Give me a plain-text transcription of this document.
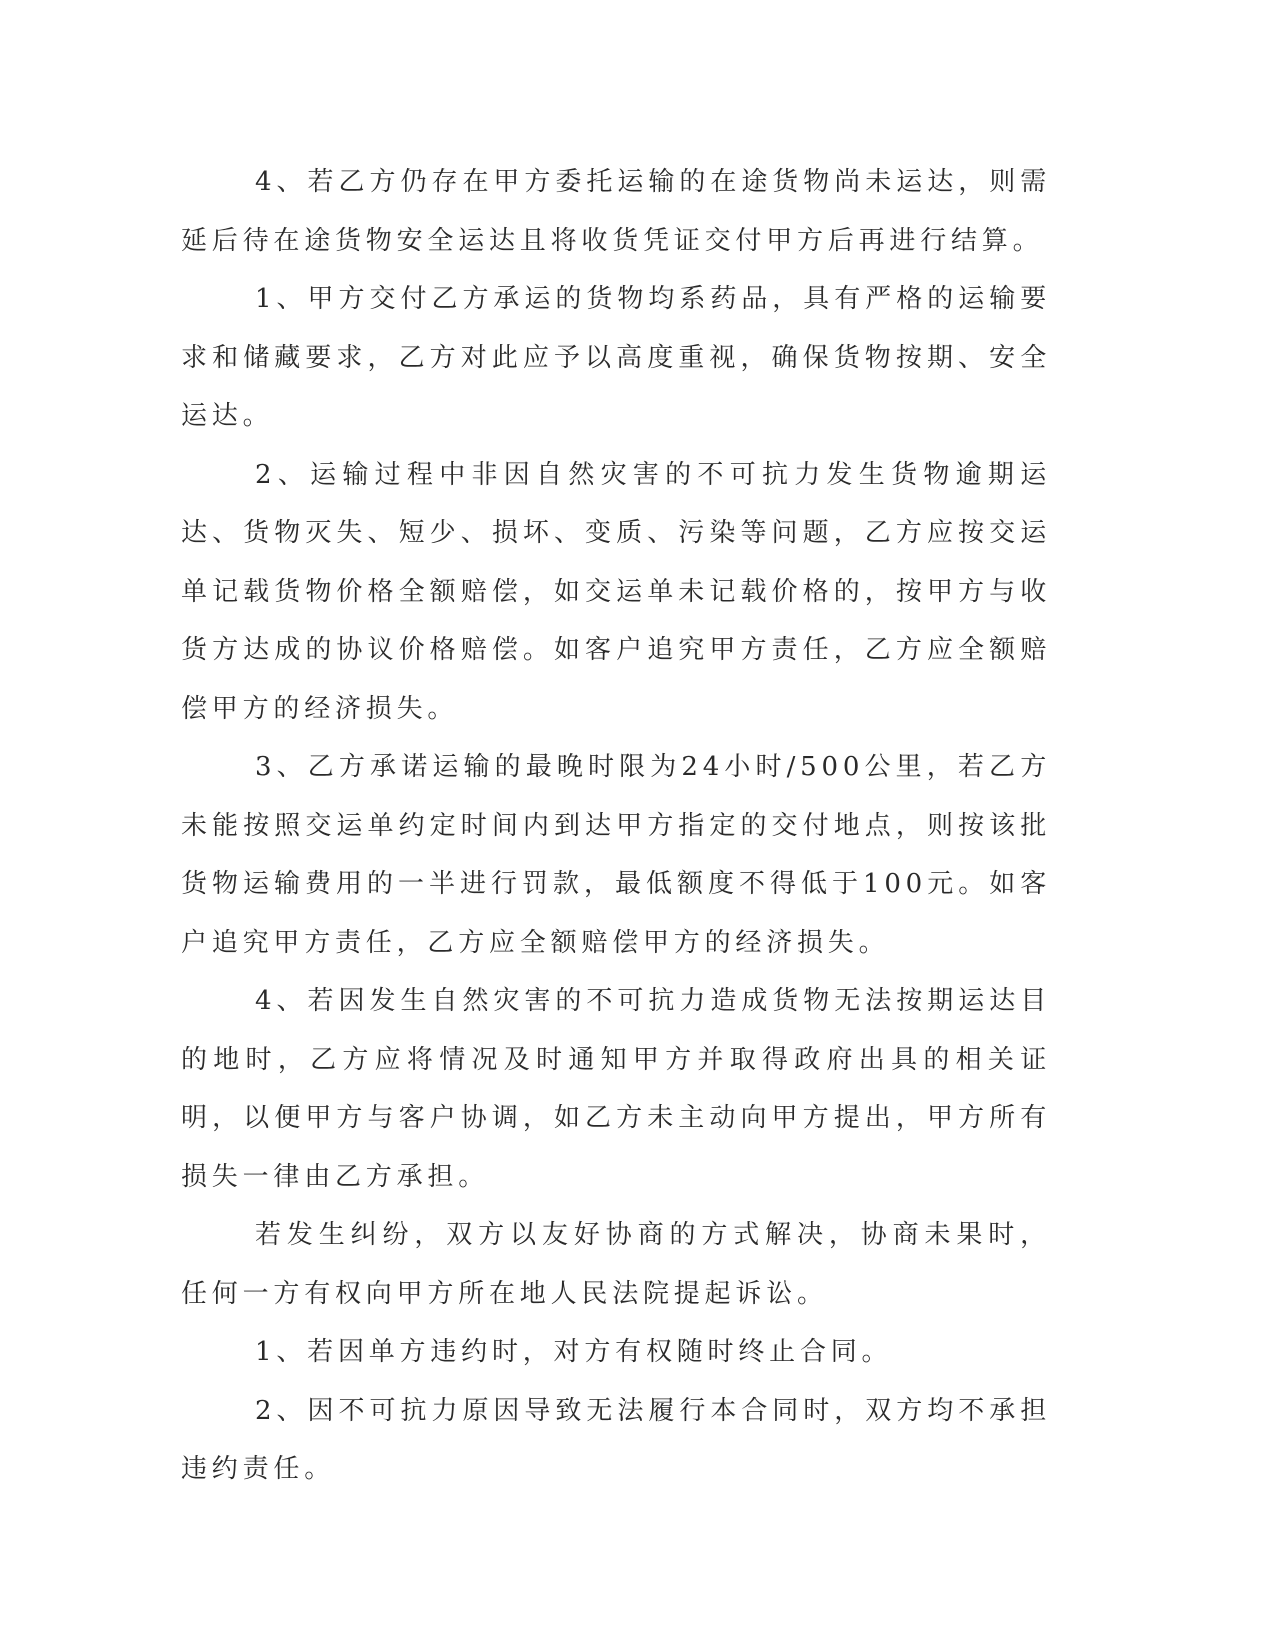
4、若乙方仍存在甲方委托运输的在途货物尚未运达，则需延后待在途货物安全运达且将收货凭证交付甲方后再进行结算。

1、甲方交付乙方承运的货物均系药品，具有严格的运输要求和储藏要求，乙方对此应予以高度重视，确保货物按期、安全运达。

2、运输过程中非因自然灾害的不可抗力发生货物逾期运达、货物灭失、短少、损坏、变质、污染等问题，乙方应按交运单记载货物价格全额赔偿，如交运单未记载价格的，按甲方与收货方达成的协议价格赔偿。如客户追究甲方责任，乙方应全额赔偿甲方的经济损失。

3、乙方承诺运输的最晚时限为24小时/500公里，若乙方未能按照交运单约定时间内到达甲方指定的交付地点，则按该批货物运输费用的一半进行罚款，最低额度不得低于100元。如客户追究甲方责任，乙方应全额赔偿甲方的经济损失。

4、若因发生自然灾害的不可抗力造成货物无法按期运达目的地时，乙方应将情况及时通知甲方并取得政府出具的相关证明，以便甲方与客户协调，如乙方未主动向甲方提出，甲方所有损失一律由乙方承担。

若发生纠纷，双方以友好协商的方式解决，协商未果时，任何一方有权向甲方所在地人民法院提起诉讼。

1、若因单方违约时，对方有权随时终止合同。

2、因不可抗力原因导致无法履行本合同时，双方均不承担违约责任。
